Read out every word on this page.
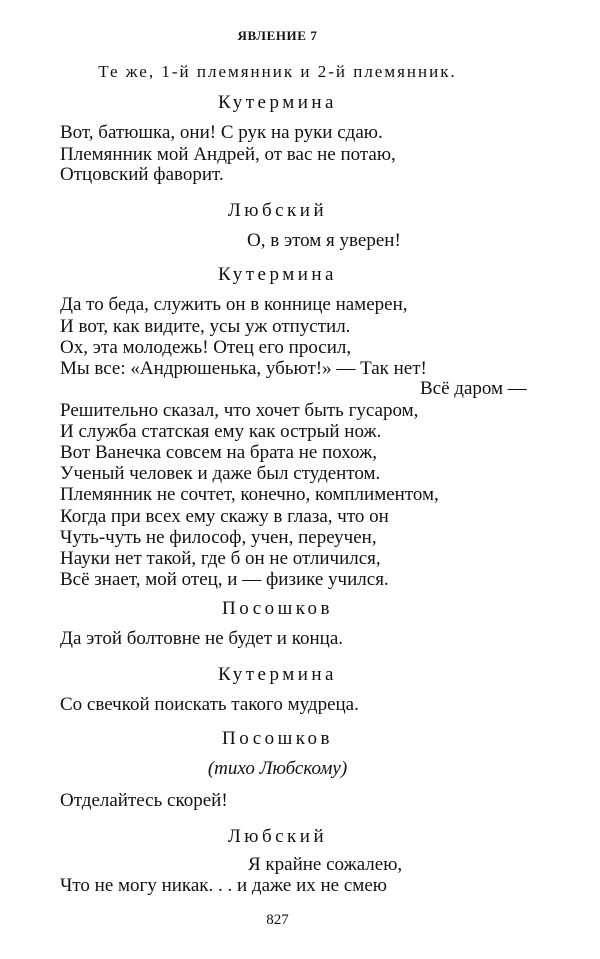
ЯВЛЕНИЕ 7
Те же, 1-й племянник и 2-й племянник.
Кутермина
Вот, батюшка, они! С рук на руки сдаю.
Племянник мой Андрей, от вас не потаю,
Отцовский фаворит.
Любский
О, в этом я уверен!
Кутермина
Да то беда, служить он в коннице намерен,
И вот, как видите, усы уж отпустил.
Ох, эта молодежь! Отец его просил,
Мы все: «Андрюшенька, убьют!» — Так нет!
Всё даром —
Решительно сказал, что хочет быть гусаром,
И служба статская ему как острый нож.
Вот Ванечка совсем на брата не похож,
Ученый человек и даже был студентом.
Племянник не сочтет, конечно, комплиментом,
Когда при всех ему скажу в глаза, что он
Чуть-чуть не философ, учен, переучен,
Науки нет такой, где б он не отличился,
Всё знает, мой отец, и — физике учился.
Посошков
Да этой болтовне не будет и конца.
Кутермина
Со свечкой поискать такого мудреца.
Посошков
(тихо Любскому)
Отделайтесь скорей!
Любский
Я крайне сожалею,
Что не могу никак. . . и даже их не смею
827
